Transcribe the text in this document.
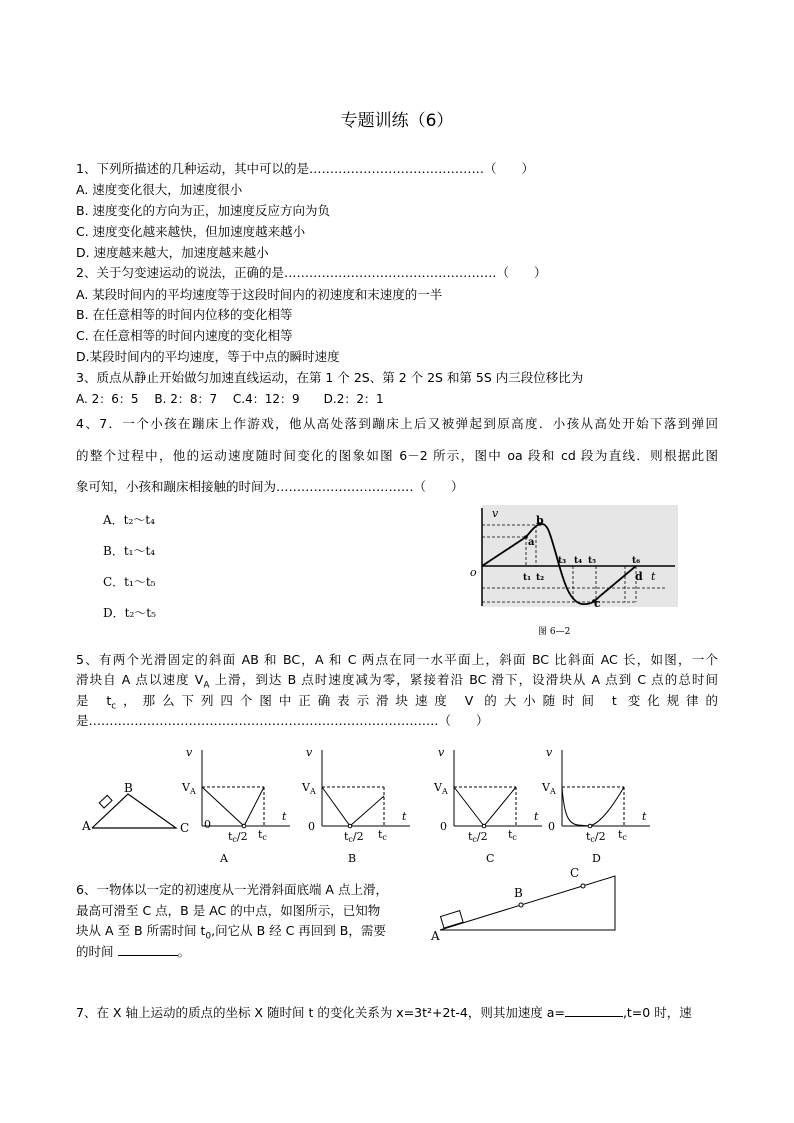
专题训练（6）
1、下列所描述的几种运动，其中可以的是……………………………………（　　）
A. 速度变化很大，加速度很小
B. 速度变化的方向为正，加速度反应方向为负
C. 速度变化越来越快，但加速度越来越小
D. 速度越来越大，加速度越来越小
2、关于匀变速运动的说法，正确的是……………………………………………（　　）
A. 某段时间内的平均速度等于这段时间内的初速度和末速度的一半
B. 在任意相等的时间内位移的变化相等
C. 在任意相等的时间内速度的变化相等
D.某段时间内的平均速度，等于中点的瞬时速度
3、质点从静止开始做匀加速直线运动，在第 1 个 2S、第 2 个 2S 和第 5S 内三段位移比为
A. 2：6：5　 B. 2：8：7　 C.4：12：9　　D.2：2：1
4、7．一个小孩在蹦床上作游戏，他从高处落到蹦床上后又被弹起到原高度．小孩从高处开始下落到弹回
的整个过程中，他的运动速度随时间变化的图象如图 6－2 所示，图中 oa 段和 cd 段为直线．则根据此图
象可知，小孩和蹦床相接触的时间为……………………………（　　）
A．t₂～t₄
B．t₁～t₄
C．t₁～t₅
D．t₂～t₅
v
o	t
a
b
c
d
t₁ t₂
t₃ t₄ t₅	t₆
图 6—2
5、有两个光滑固定的斜面 AB 和 BC，A 和 C 两点在同一水平面上，斜面 BC 比斜面 AC 长，如图，一个
滑块自 A 点以速度 $V_A$ 上滑，到达 B 点时速度减为零，紧接着沿 BC 滑下，设滑块从 A 点到 C 点的总时间
是 $t_c$，那么下列四个图中正确表示滑块速度 V 的大小随时间 t 变化规律的
是…………………………………………………………………………（　　）
A
B
C
v
t
$V_A$
0
tc/2 tc
A
v
t
$V_A$
0
tc/2 tc
B
v
t
$V_A$
0
tc/2 tc
C
v
t
$V_A$
0
tc/2 tc
D
6、一物体以一定的初速度从一光滑斜面底端 A 点上滑，
最高可滑至 C 点，B 是 AC 的中点，如图所示，已知物
块从 A 至 B 所需时间 $t_0$,问它从 B 经 C 再回到 B，需要
的时间	。
A
B
C
7、在 X 轴上运动的质点的坐标 X 随时间 t 的变化关系为 x=3t²+2t-4，则其加速度 a=	,t=0 时，速
